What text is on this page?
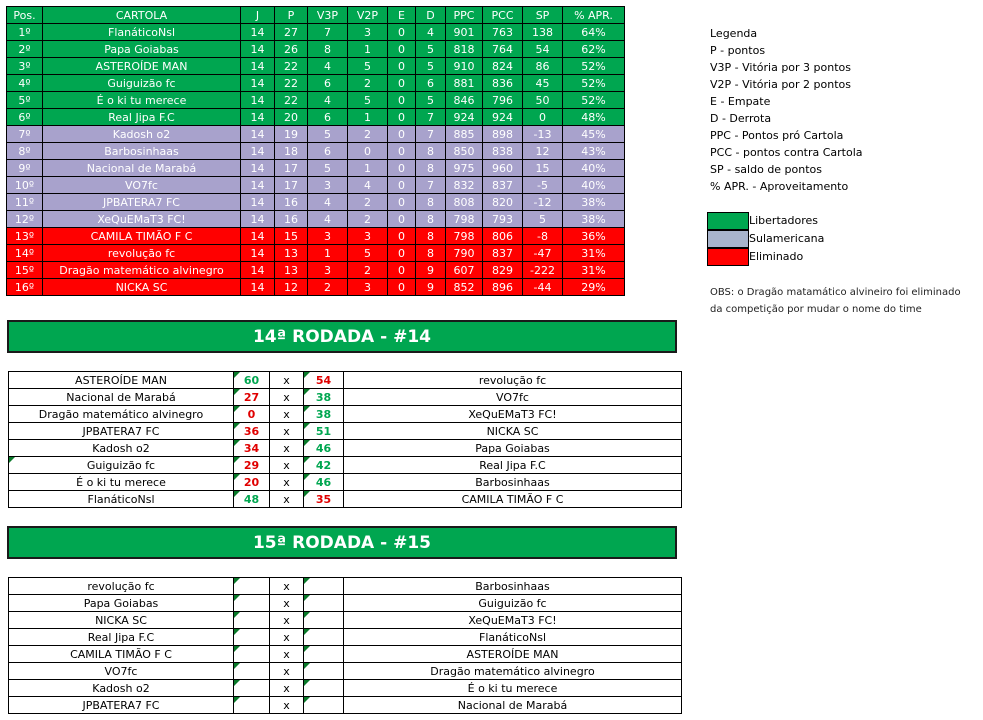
Pos.	CARTOLA	J	P	V3P	V2P	E	D	PPC	PCC	SP	% APR.
1º	FlanáticoNsl	14	27	7	3	0	4	901	763	138	64%
2º	Papa Goiabas	14	26	8	1	0	5	818	764	54	62%
3º	ASTEROÍDE MAN	14	22	4	5	0	5	910	824	86	52%
4º	Guiguizão fc	14	22	6	2	0	6	881	836	45	52%
5º	É o ki tu merece	14	22	4	5	0	5	846	796	50	52%
6º	Real Jipa F.C	14	20	6	1	0	7	924	924	0	48%
7º	Kadosh o2	14	19	5	2	0	7	885	898	-13	45%
8º	Barbosinhaas	14	18	6	0	0	8	850	838	12	43%
9º	Nacional de Marabá	14	17	5	1	0	8	975	960	15	40%
10º	VO7fc	14	17	3	4	0	7	832	837	-5	40%
11º	JPBATERA7 FC	14	16	4	2	0	8	808	820	-12	38%
12º	XeQuEMaT3 FC!	14	16	4	2	0	8	798	793	5	38%
13º	CAMILA TIMÃO F C	14	15	3	3	0	8	798	806	-8	36%
14º	revolução fc	14	13	1	5	0	8	790	837	-47	31%
15º	Dragão matemático alvinegro	14	13	3	2	0	9	607	829	-222	31%
16º	NICKA SC	14	12	2	3	0	9	852	896	-44	29%
Legenda
P - pontos
V3P - Vitória por 3 pontos
V2P - Vitória por 2 pontos
E - Empate
D - Derrota
PPC - Pontos pró Cartola
PCC - pontos contra Cartola
SP - saldo de pontos
% APR. - Aproveitamento
Libertadores
Sulamericana
Eliminado
OBS: o Dragão matamático alvineiro foi eliminado
da competição por mudar o nome do time
14ª RODADA - #14
ASTEROÍDE MAN	60	x	54	revolução fc
Nacional de Marabá	27	x	38	VO7fc
Dragão matemático alvinegro	0	x	38	XeQuEMaT3 FC!
JPBATERA7 FC	36	x	51	NICKA SC
Kadosh o2	34	x	46	Papa Goiabas
Guiguizão fc	29	x	42	Real Jipa F.C
É o ki tu merece	20	x	46	Barbosinhaas
FlanáticoNsl	48	x	35	CAMILA TIMÃO F C
15ª RODADA - #15
revolução fc		x		Barbosinhaas
Papa Goiabas		x		Guiguizão fc
NICKA SC		x		XeQuEMaT3 FC!
Real Jipa F.C		x		FlanáticoNsl
CAMILA TIMÃO F C		x		ASTEROÍDE MAN
VO7fc		x		Dragão matemático alvinegro
Kadosh o2		x		É o ki tu merece
JPBATERA7 FC		x		Nacional de Marabá
